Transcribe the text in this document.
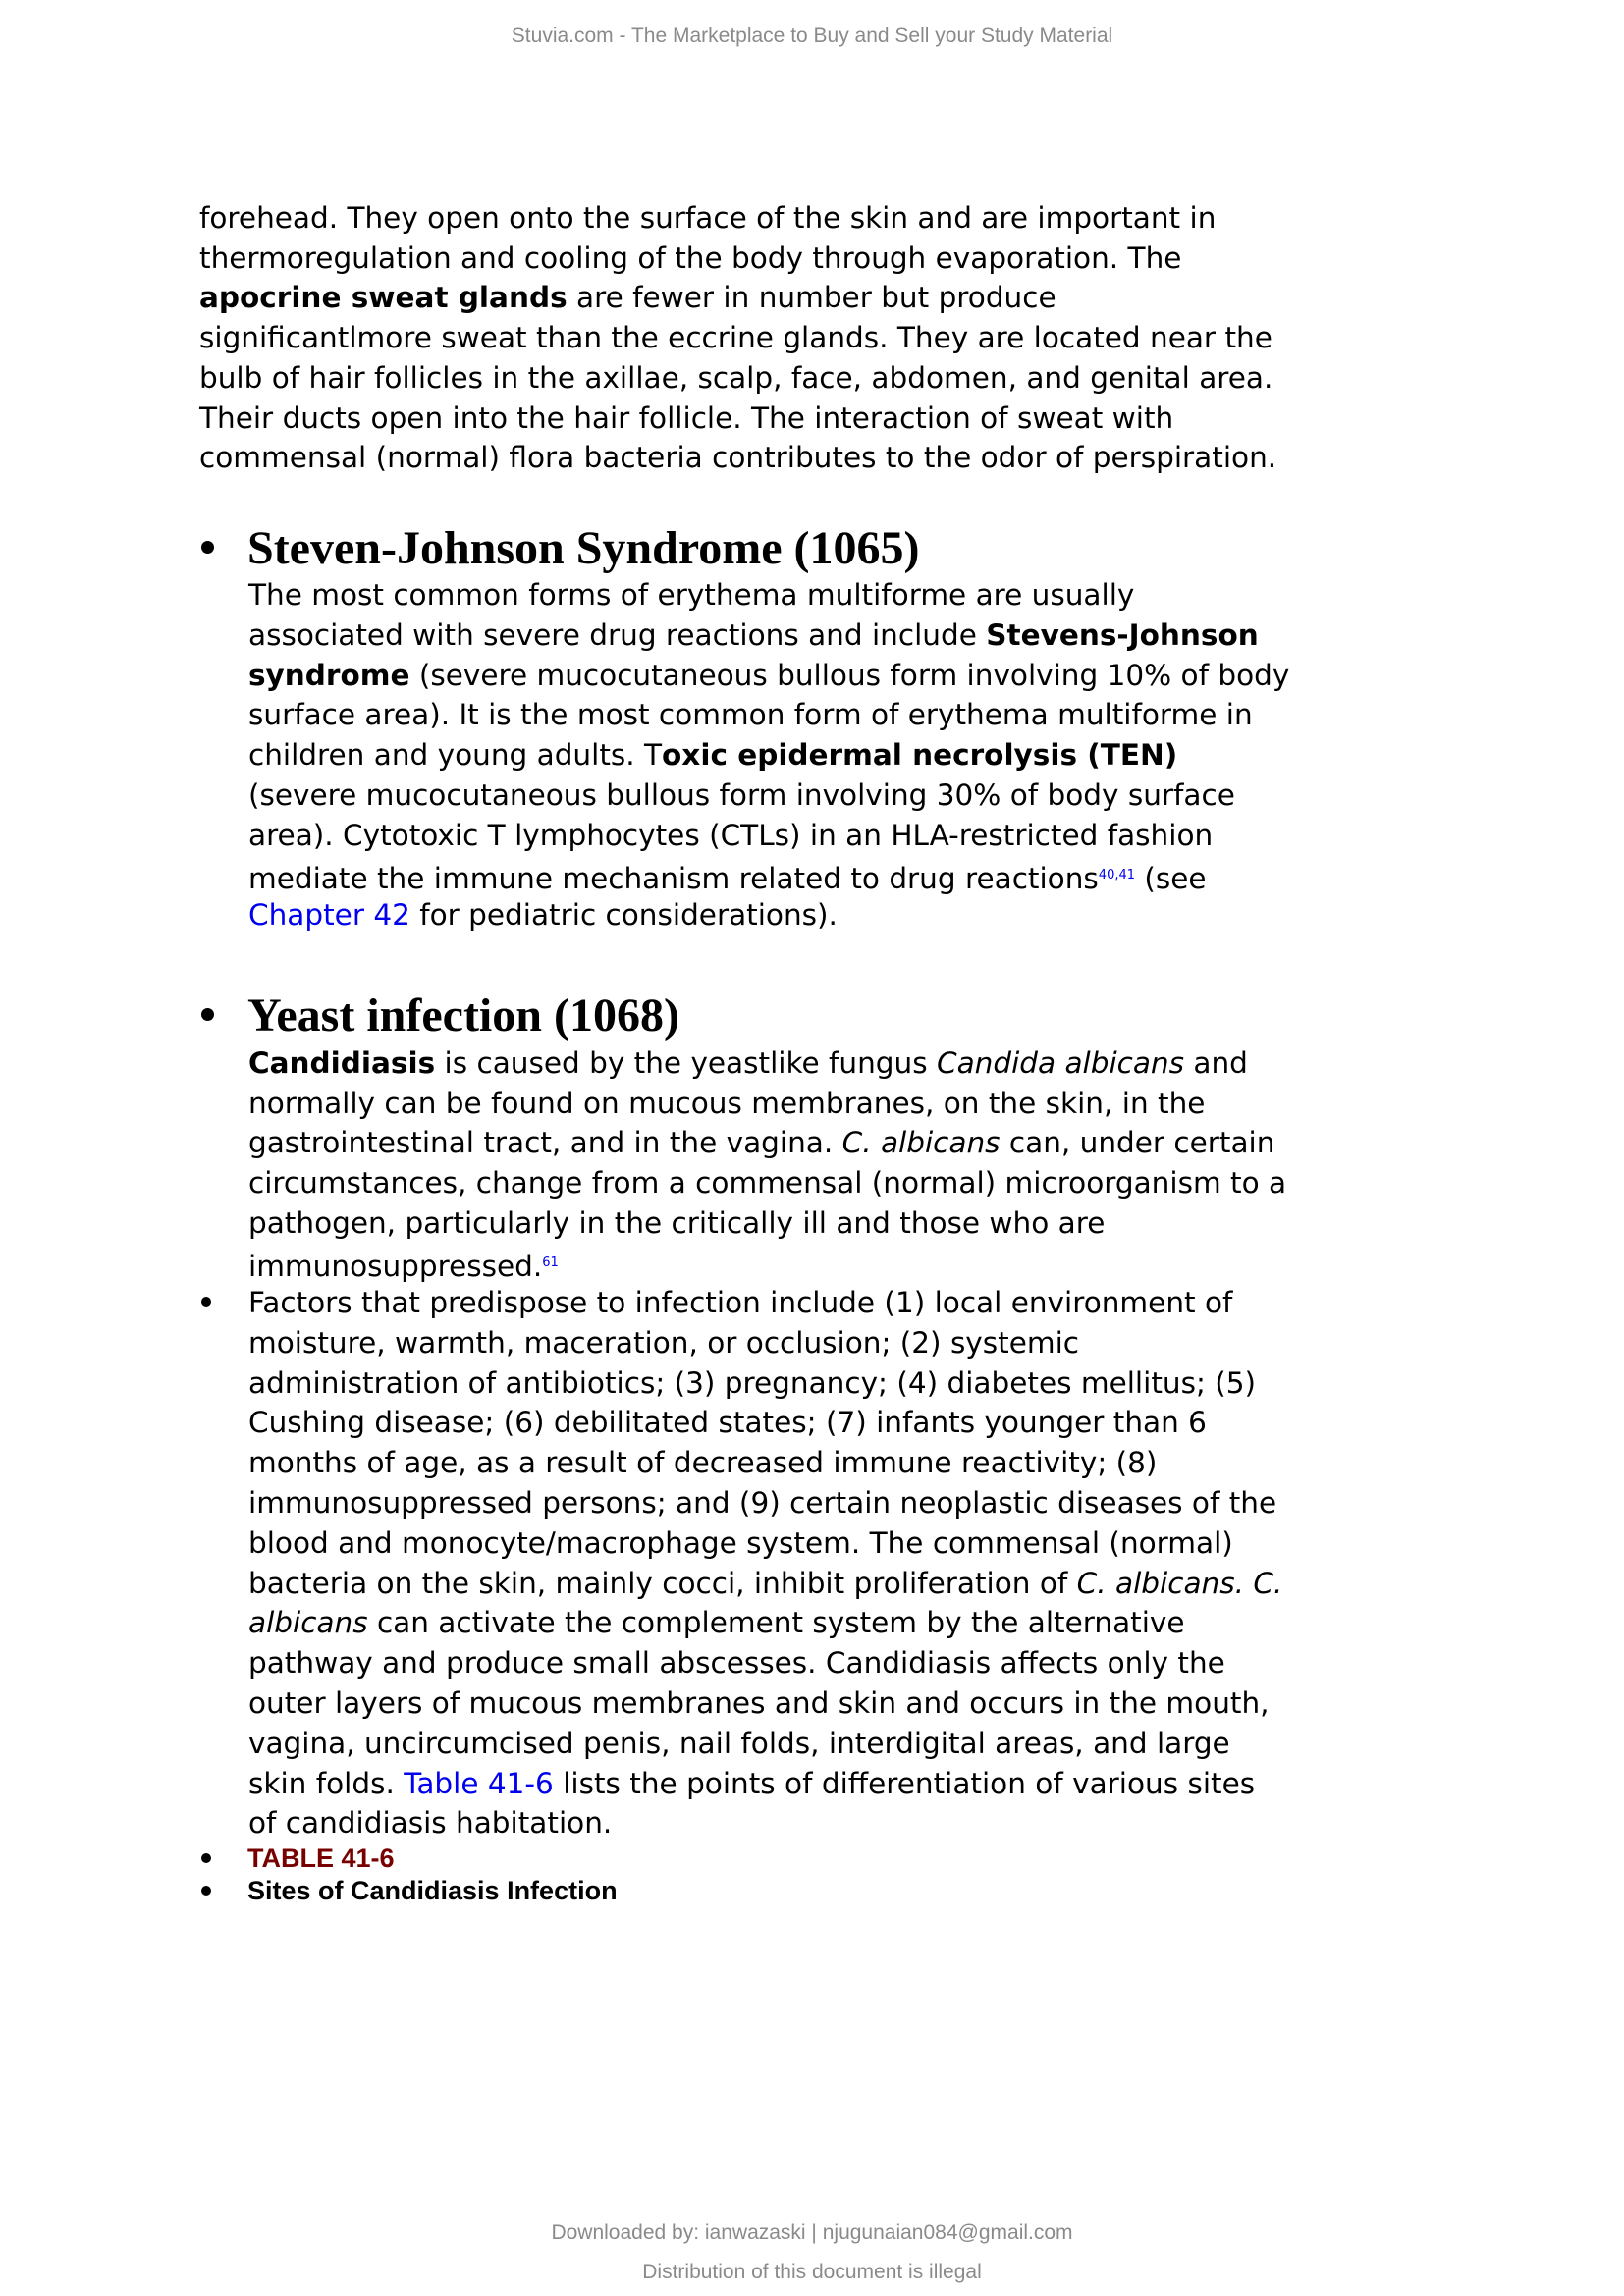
Stuvia.com - The Marketplace to Buy and Sell your Study Material
forehead. They open onto the surface of the skin and are important in
thermoregulation and cooling of the body through evaporation. The
apocrine sweat glands are fewer in number but produce
significantlmore sweat than the eccrine glands. They are located near the
bulb of hair follicles in the axillae, scalp, face, abdomen, and genital area.
Their ducts open into the hair follicle. The interaction of sweat with
commensal (normal) flora bacteria contributes to the odor of perspiration.
The most common forms of erythema multiforme are usually
associated with severe drug reactions and include Stevens-Johnson
syndrome (severe mucocutaneous bullous form involving 10% of body
surface area). It is the most common form of erythema multiforme in
children and young adults. Toxic epidermal necrolysis (TEN)
(severe mucocutaneous bullous form involving 30% of body surface
area). Cytotoxic T lymphocytes (CTLs) in an HLA-restricted fashion
mediate the immune mechanism related to drug reactions$^{40,41}$ (see
Chapter 42 for pediatric considerations).
Candidiasis is caused by the yeastlike fungus Candida albicans and
normally can be found on mucous membranes, on the skin, in the
gastrointestinal tract, and in the vagina. C. albicans can, under certain
circumstances, change from a commensal (normal) microorganism to a
pathogen, particularly in the critically ill and those who are
immunosuppressed.$^{61}$
Factors that predispose to infection include (1) local environment of
moisture, warmth, maceration, or occlusion; (2) systemic
administration of antibiotics; (3) pregnancy; (4) diabetes mellitus; (5)
Cushing disease; (6) debilitated states; (7) infants younger than 6
months of age, as a result of decreased immune reactivity; (8)
immunosuppressed persons; and (9) certain neoplastic diseases of the
blood and monocyte/macrophage system. The commensal (normal)
bacteria on the skin, mainly cocci, inhibit proliferation of C. albicans. C.
albicans can activate the complement system by the alternative
pathway and produce small abscesses. Candidiasis affects only the
outer layers of mucous membranes and skin and occurs in the mouth,
vagina, uncircumcised penis, nail folds, interdigital areas, and large
skin folds. Table 41-6 lists the points of differentiation of various sites
of candidiasis habitation.
Steven-Johnson Syndrome (1065)
Yeast infection (1068)
TABLE 41-6
Sites of Candidiasis Infection
Downloaded by: ianwazaski | njugunaian084@gmail.com
Distribution of this document is illegal
